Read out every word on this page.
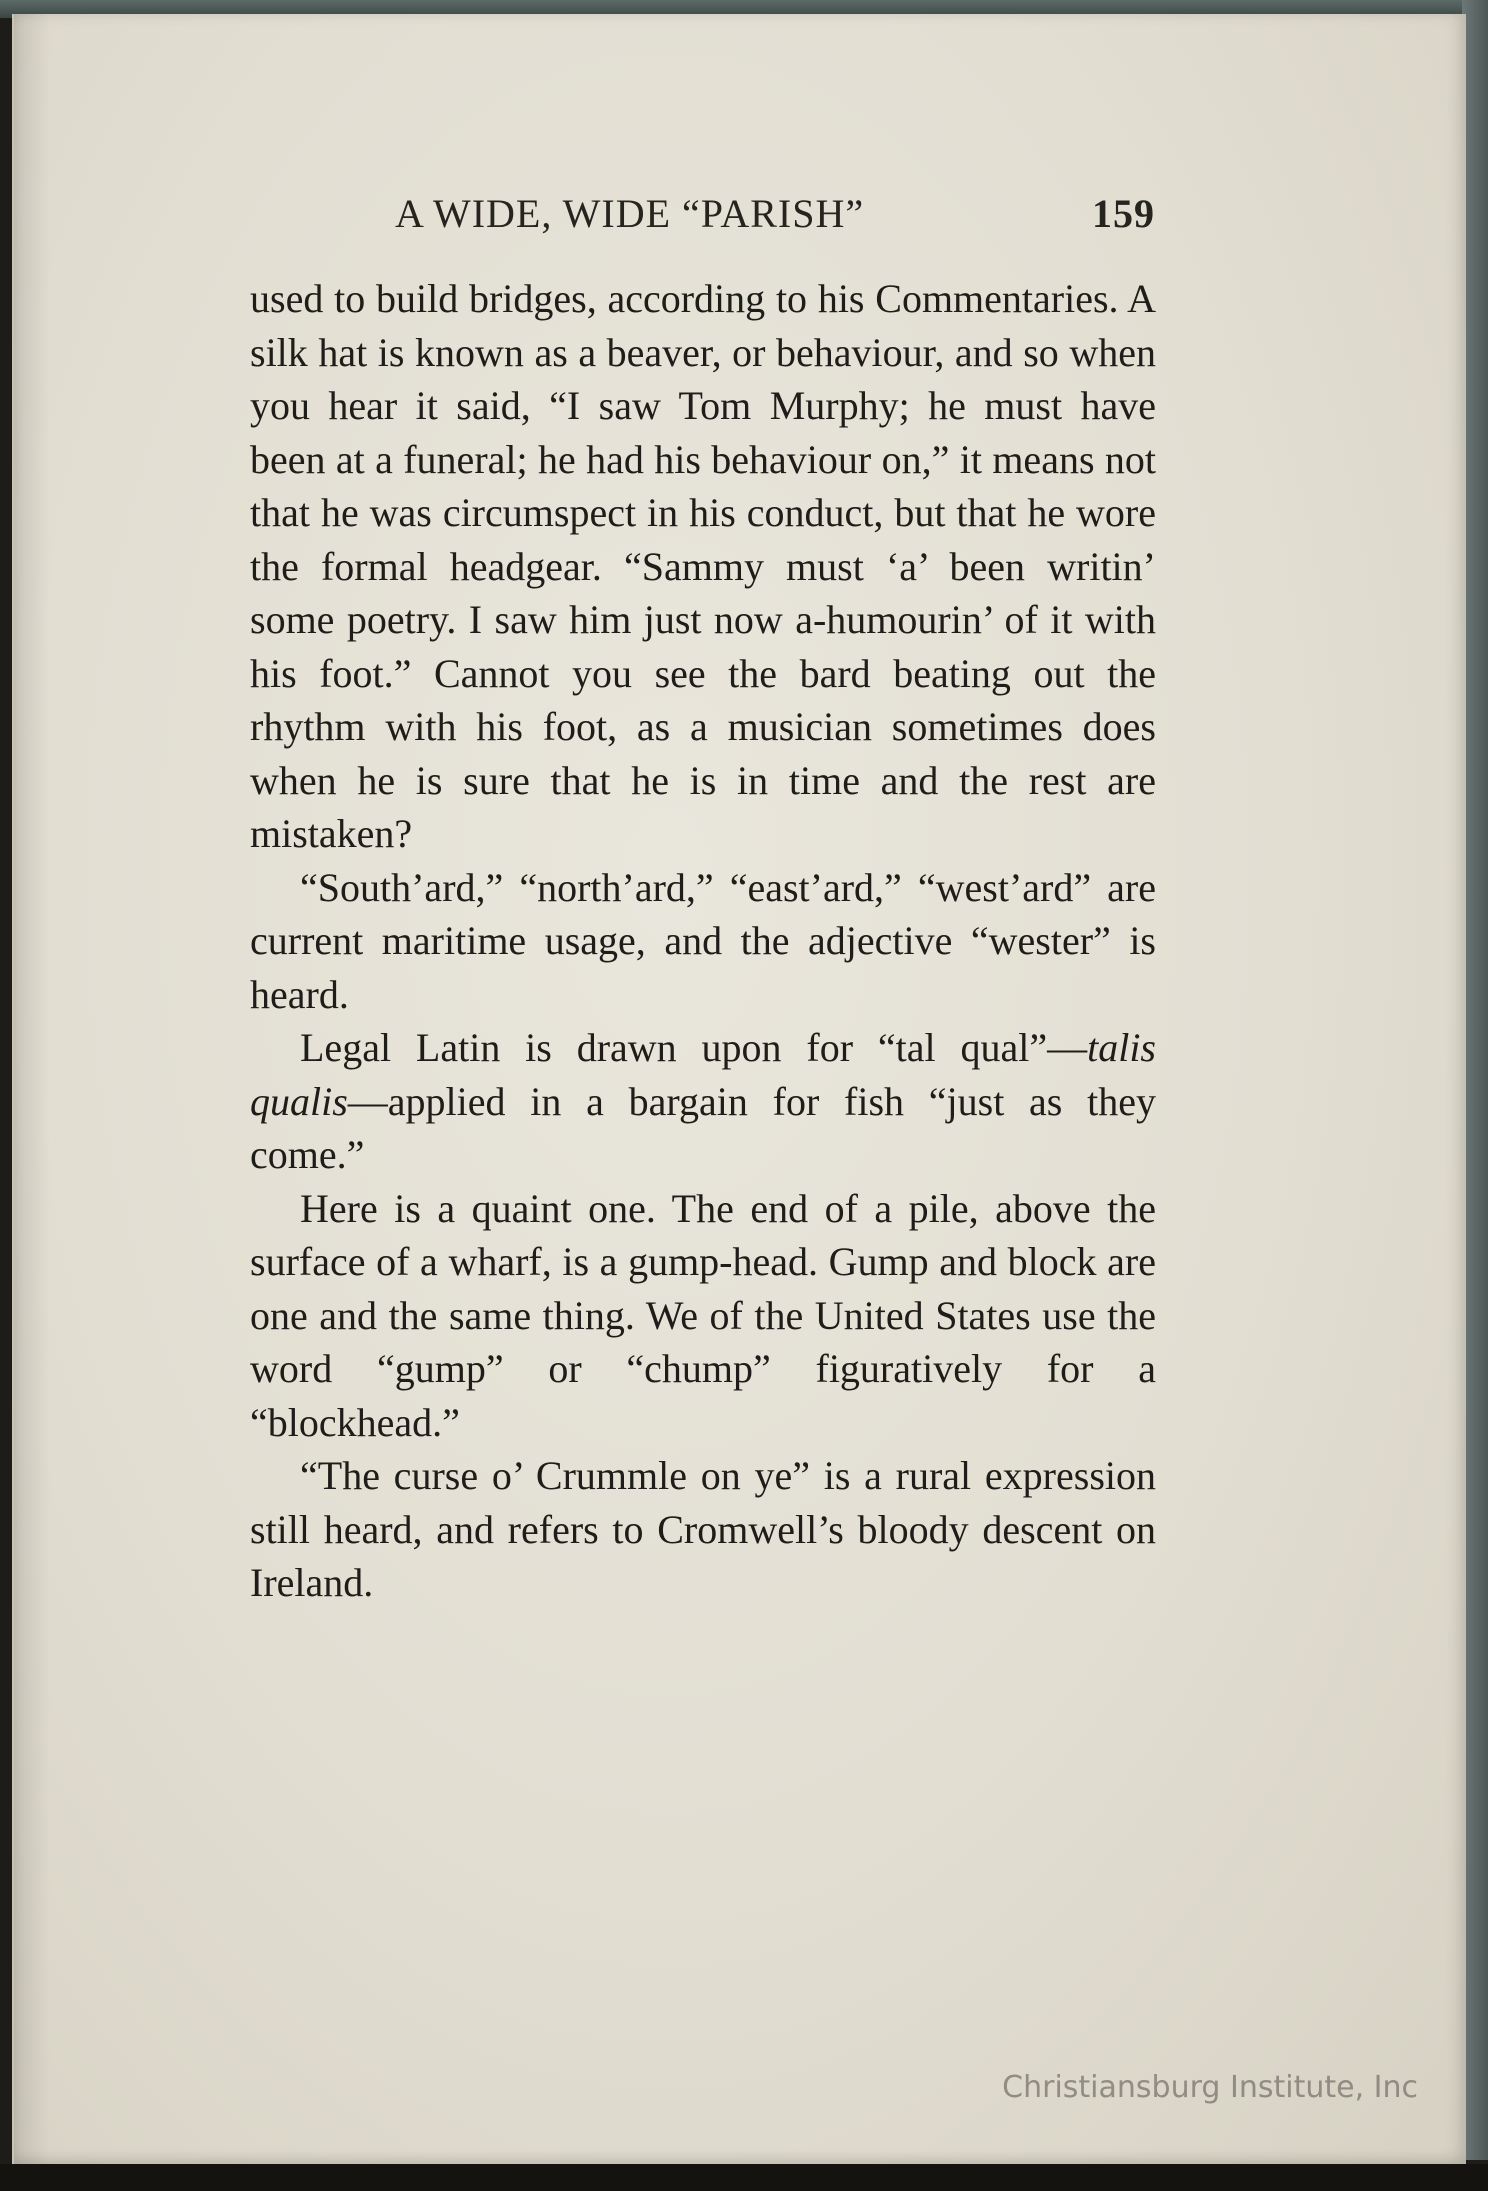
A WIDE, WIDE “PARISH”	159

used to build bridges, according to his Commentaries. A silk hat is known as a beaver, or behaviour, and so when you hear it said, “I saw Tom Murphy; he must have been at a funeral; he had his behaviour on,” it means not that he was circumspect in his conduct, but that he wore the formal headgear. “Sammy must ‘a’ been writin’ some poetry. I saw him just now a-humourin’ of it with his foot.” Cannot you see the bard beating out the rhythm with his foot, as a musician sometimes does when he is sure that he is in time and the rest are mistaken?

“South’ard,” “north’ard,” “east’ard,” “west’ard” are current maritime usage, and the adjective “wester” is heard.

Legal Latin is drawn upon for “tal qual”—talis qualis—applied in a bargain for fish “just as they come.”

Here is a quaint one. The end of a pile, above the surface of a wharf, is a gump-head. Gump and block are one and the same thing. We of the United States use the word “gump” or “chump” figuratively for a “blockhead.”

“The curse o’ Crummle on ye” is a rural expression still heard, and refers to Cromwell’s bloody descent on Ireland.

Christiansburg Institute, Inc
